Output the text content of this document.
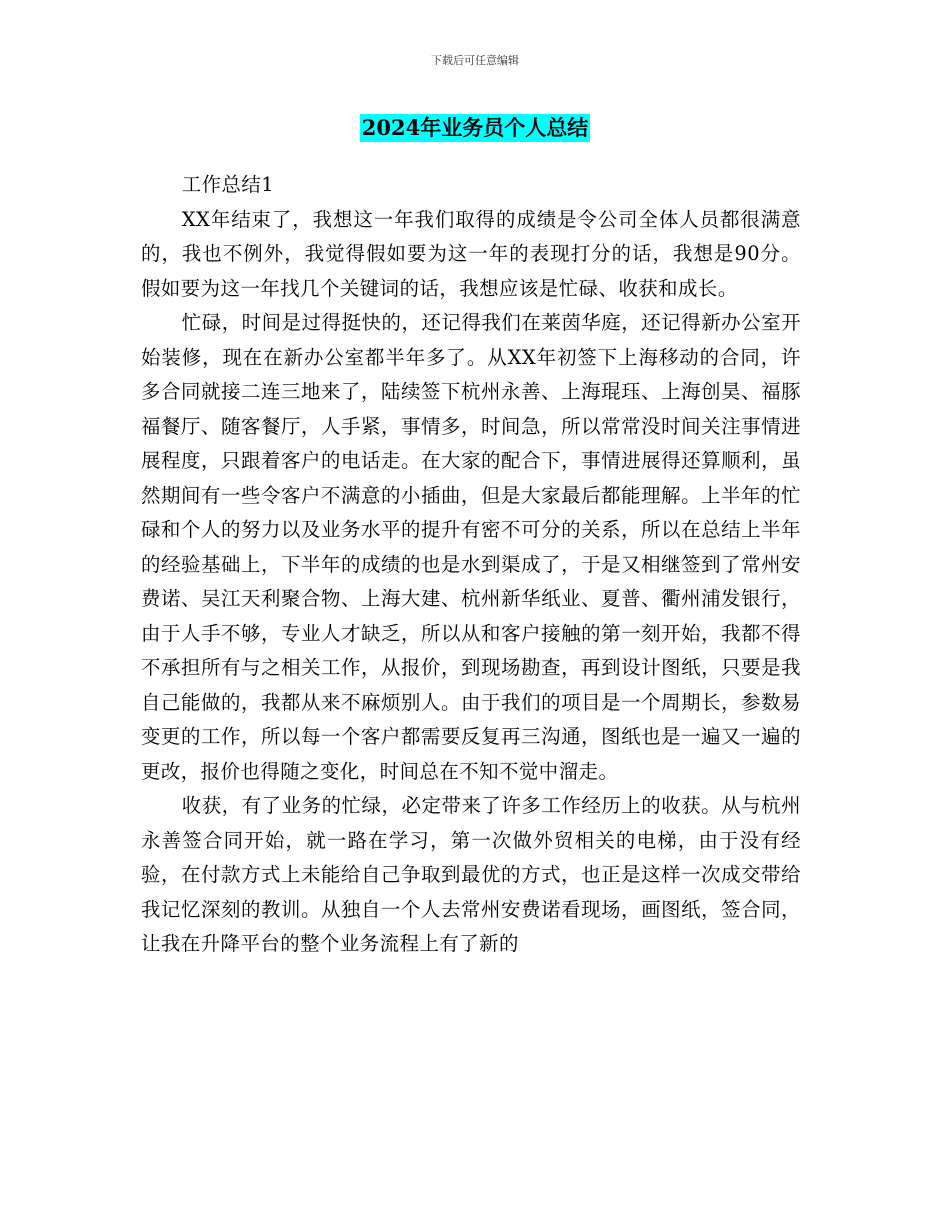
下载后可任意编辑
2024年业务员个人总结

工作总结1

XX年结束了，我想这一年我们取得的成绩是令公司全体人员都很满意的，我也不例外，我觉得假如要为这一年的表现打分的话，我想是90分。假如要为这一年找几个关键词的话，我想应该是忙碌、收获和成长。

忙碌，时间是过得挺快的，还记得我们在莱茵华庭，还记得新办公室开始装修，现在在新办公室都半年多了。从XX年初签下上海移动的合同，许多合同就接二连三地来了，陆续签下杭州永善、上海琨珏、上海创昊、福豚福餐厅、随客餐厅，人手紧，事情多，时间急，所以常常没时间关注事情进展程度，只跟着客户的电话走。在大家的配合下，事情进展得还算顺利，虽然期间有一些令客户不满意的小插曲，但是大家最后都能理解。上半年的忙碌和个人的努力以及业务水平的提升有密不可分的关系，所以在总结上半年的经验基础上，下半年的成绩的也是水到渠成了，于是又相继签到了常州安费诺、吴江天利聚合物、上海大建、杭州新华纸业、夏普、衢州浦发银行，由于人手不够，专业人才缺乏，所以从和客户接触的第一刻开始，我都不得不承担所有与之相关工作，从报价，到现场勘查，再到设计图纸，只要是我自己能做的，我都从来不麻烦别人。由于我们的项目是一个周期长，参数易变更的工作，所以每一个客户都需要反复再三沟通，图纸也是一遍又一遍的更改，报价也得随之变化，时间总在不知不觉中溜走。

收获，有了业务的忙绿，必定带来了许多工作经历上的收获。从与杭州永善签合同开始，就一路在学习，第一次做外贸相关的电梯，由于没有经验，在付款方式上未能给自己争取到最优的方式，也正是这样一次成交带给我记忆深刻的教训。从独自一个人去常州安费诺看现场，画图纸，签合同，让我在升降平台的整个业务流程上有了新的
